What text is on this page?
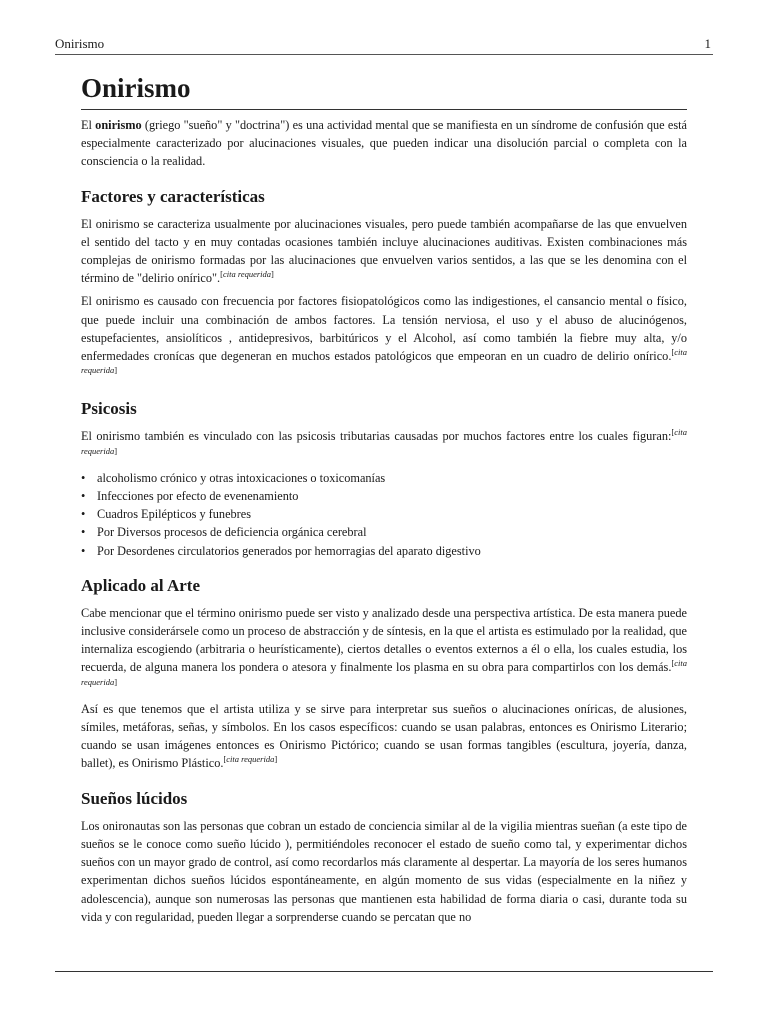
Onirismo	1
Onirismo

El onirismo (griego "sueño" y "doctrina") es una actividad mental que se manifiesta en un síndrome de confusión que está especialmente caracterizado por alucinaciones visuales, que pueden indicar una disolución parcial o completa con la consciencia o la realidad.

Factores y características

El onirismo se caracteriza usualmente por alucinaciones visuales, pero puede también acompañarse de las que envuelven el sentido del tacto y en muy contadas ocasiones también incluye alucinaciones auditivas. Existen combinaciones más complejas de onirismo formadas por las alucinaciones que envuelven varios sentidos, a las que se les denomina con el término de "delirio onírico". [ $^{cita requerida}$ ]

El onirismo es causado con frecuencia por factores fisiopatológicos como las indigestiones, el cansancio mental o físico, que puede incluir una combinación de ambos factores. La tensión nerviosa, el uso y el abuso de alucinógenos, estupefacientes, ansiolíticos , antidepresivos, barbitúricos y el Alcohol, así como también la fiebre muy alta, y/o enfermedades cronícas que degeneran en muchos estados patológicos que empeoran en un cuadro de delirio onírico. [ $^{cita requerida}$ ]

Psicosis

El onirismo también es vinculado con las psicosis tributarias causadas por muchos factores entre los cuales figuran: [ $^{cita requerida}$ ]

• alcoholismo crónico y otras intoxicaciones o toxicomanías
• Infecciones por efecto de evenenamiento
• Cuadros Epilépticos y funebres
• Por Diversos procesos de deficiencia orgánica cerebral
• Por Desordenes circulatorios generados por hemorragias del aparato digestivo
Aplicado al Arte

Cabe mencionar que el término onirismo puede ser visto y analizado desde una perspectiva artística. De esta manera puede inclusive considerársele como un proceso de abstracción y de síntesis, en la que el artista es estimulado por la realidad, que internaliza escogiendo (arbitraria o heurísticamente), ciertos detalles o eventos externos a él o ella, los cuales estudia, los recuerda, de alguna manera los pondera o atesora y finalmente los plasma en su obra para compartirlos con los demás. [ $^{cita requerida}$ ]

Así es que tenemos que el artista utiliza y se sirve para interpretar sus sueños o alucinaciones oníricas, de alusiones, símiles, metáforas, señas, y símbolos. En los casos específicos: cuando se usan palabras, entonces es Onirismo Literario; cuando se usan imágenes entonces es Onirismo Pictórico; cuando se usan formas tangibles (escultura, joyería, danza, ballet), es Onirismo Plástico. [ $^{cita requerida}$ ]

Sueños lúcidos

Los onironautas son las personas que cobran un estado de conciencia similar al de la vigilia mientras sueñan (a este tipo de sueños se le conoce como sueño lúcido ), permitiéndoles reconocer el estado de sueño como tal, y experimentar dichos sueños con un mayor grado de control, así como recordarlos más claramente al despertar. La mayoría de los seres humanos experimentan dichos sueños lúcidos espontáneamente, en algún momento de sus vidas (especialmente en la niñez y adolescencia), aunque son numerosas las personas que mantienen esta habilidad de forma diaria o casi, durante toda su vida y con regularidad, pueden llegar a sorprenderse cuando se percatan que no
